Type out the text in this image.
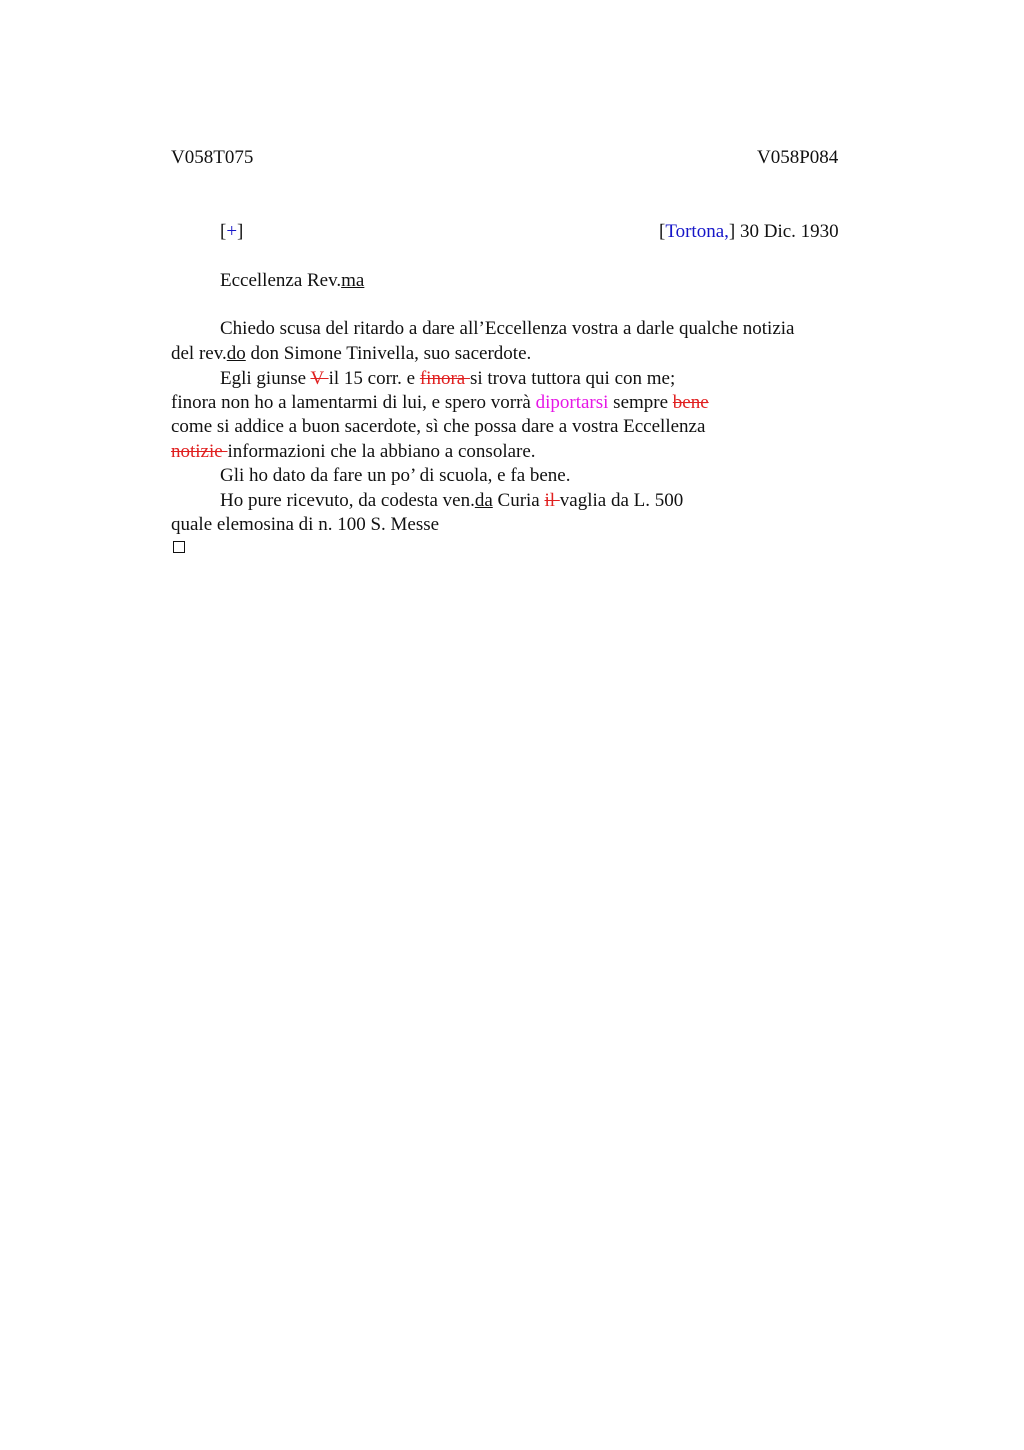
V058T075	V058P084
[+]	[Tortona,] 30 Dic. 1930
Eccellenza Rev.ma
Chiedo scusa del ritardo a dare all’Eccellenza vostra a darle qualche notizia
del rev.do don Simone Tinivella, suo sacerdote.
Egli giunse V il 15 corr. e finora si trova tuttora qui con me;
finora non ho a lamentarmi di lui, e spero vorrà diportarsi sempre bene
come si addice a buon sacerdote, sì che possa dare a vostra Eccellenza
notizie informazioni che la abbiano a consolare.
Gli ho dato da fare un po’ di scuola, e fa bene.
Ho pure ricevuto, da codesta ven.da Curia il vaglia da L. 500
quale elemosina di n. 100 S. Messe
